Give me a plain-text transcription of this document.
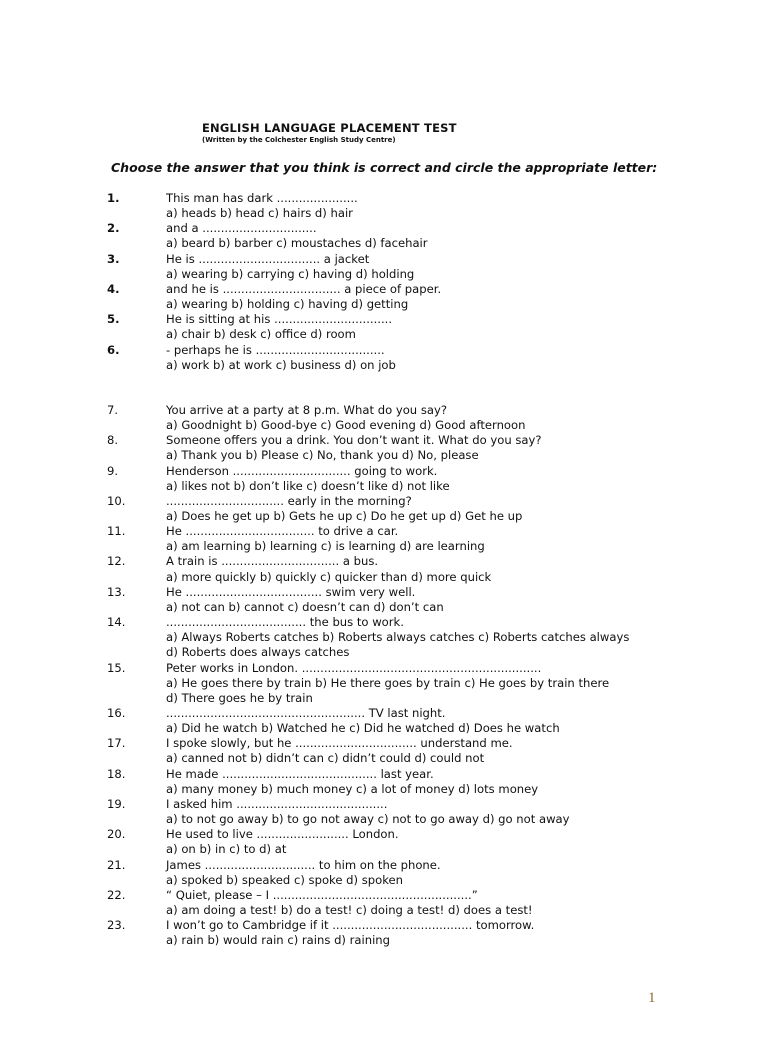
ENGLISH LANGUAGE PLACEMENT TEST
(Written by the Colchester English Study Centre)
Choose the answer that you think is correct and circle the appropriate letter:
1.	This man has dark ......................
a) heads b) head c) hairs d) hair
2.	and a ...............................
a) beard b) barber c) moustaches d) facehair
3.	He is ................................. a jacket
a) wearing b) carrying c) having d) holding
4.	and he is ................................ a piece of paper.
a) wearing b) holding c) having d) getting
5.	He is sitting at his ................................
a) chair b) desk c) office d) room
6.	- perhaps he is ...................................
a) work b) at work c) business d) on job
7.	You arrive at a party at 8 p.m. What do you say?
a) Goodnight b) Good-bye c) Good evening d) Good afternoon
8.	Someone offers you a drink. You don’t want it. What do you say?
a) Thank you b) Please c) No, thank you d) No, please
9.	Henderson ................................ going to work.
a) likes not b) don’t like c) doesn’t like d) not like
10.	................................ early in the morning?
a) Does he get up b) Gets he up c) Do he get up d) Get he up
11.	He ................................... to drive a car.
a) am learning b) learning c) is learning d) are learning
12.	A train is ................................ a bus.
a) more quickly b) quickly c) quicker than d) more quick
13.	He ..................................... swim very well.
a) not can b) cannot c) doesn’t can d) don’t can
14.	...................................... the bus to work.
a) Always Roberts catches b) Roberts always catches c) Roberts catches always
d) Roberts does always catches
15.	Peter works in London. .................................................................
a) He goes there by train b) He there goes by train c) He goes by train there
d) There goes he by train
16.	...................................................... TV last night.
a) Did he watch b) Watched he c) Did he watched d) Does he watch
17.	I spoke slowly, but he ................................. understand me.
a) canned not b) didn’t can c) didn’t could d) could not
18.	He made .......................................... last year.
a) many money b) much money c) a lot of money d) lots money
19.	I asked him .........................................
a) to not go away b) to go not away c) not to go away d) go not away
20.	He used to live ......................... London.
a) on b) in c) to d) at
21.	James .............................. to him on the phone.
a) spoked b) speaked c) spoke d) spoken
22.	“ Quiet, please – I ......................................................”
a) am doing a test! b) do a test! c) doing a test! d) does a test!
23.	I won’t go to Cambridge if it ...................................... tomorrow.
a) rain b) would rain c) rains d) raining
1
